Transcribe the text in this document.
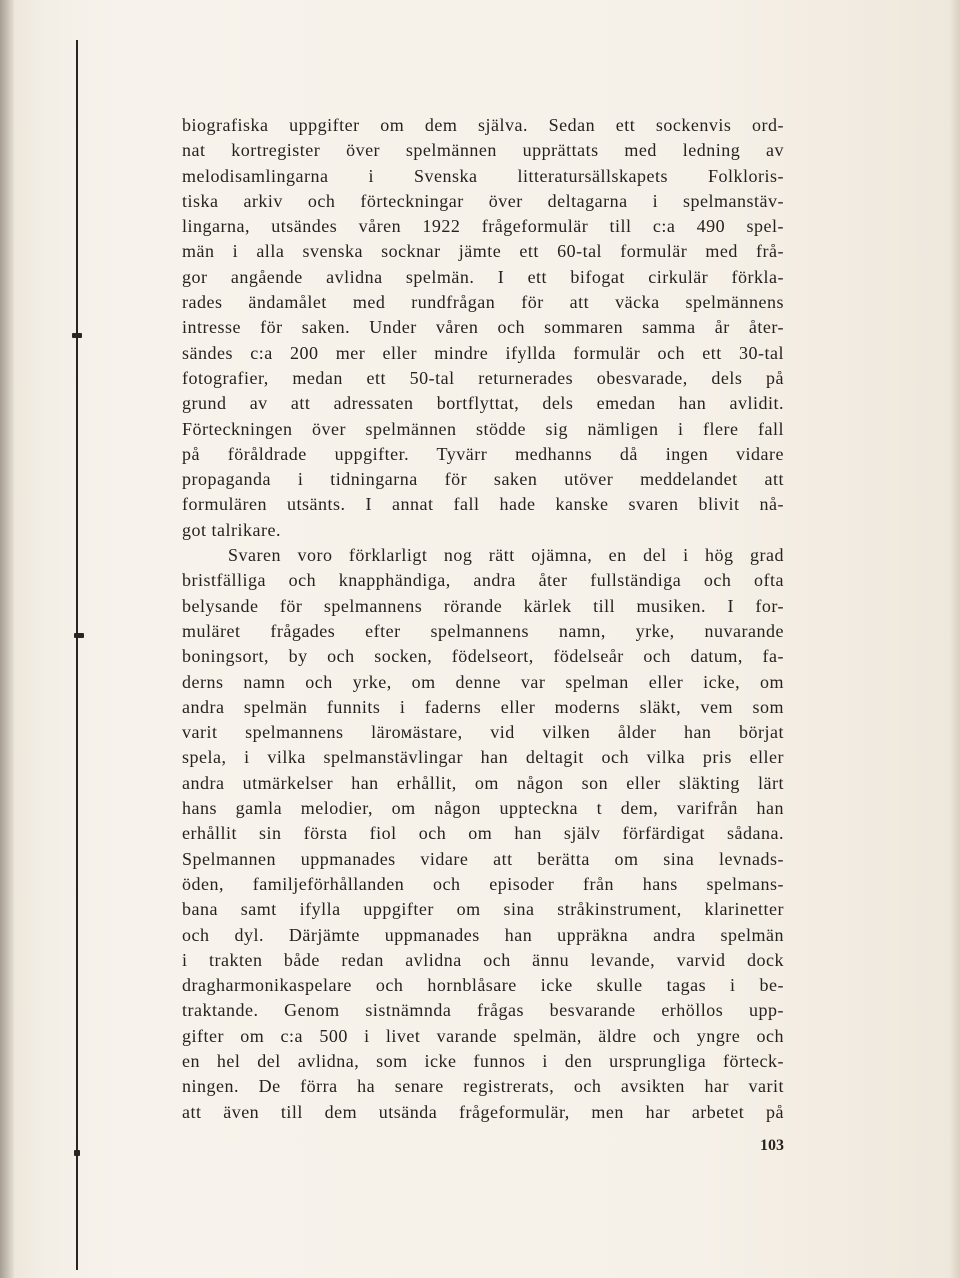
biografiska uppgifter om dem själva. Sedan ett sockenvis ord-
nat kortregister över spelmännen upprättats med ledning av
melodisamlingarna i Svenska litteratursällskapets Folkloris-
tiska arkiv och förteckningar över deltagarna i spelmanstäv-
lingarna, utsändes våren 1922 frågeformulär till c:a 490 spel-
män i alla svenska socknar jämte ett 60-tal formulär med frå-
gor angående avlidna spelmän. I ett bifogat cirkulär förkla-
rades ändamålet med rundfrågan för att väcka spelmännens
intresse för saken. Under våren och sommaren samma år åter-
sändes c:a 200 mer eller mindre ifyllda formulär och ett 30-tal
fotografier, medan ett 50-tal returnerades obesvarade, dels på
grund av att adressaten bortflyttat, dels emedan han avlidit.
Förteckningen över spelmännen stödde sig nämligen i flere fall
på föråldrade uppgifter. Tyvärr medhanns då ingen vidare
propaganda i tidningarna för saken utöver meddelandet att
formulären utsänts. I annat fall hade kanske svaren blivit nå-
got talrikare.
Svaren voro förklarligt nog rätt ojämna, en del i hög grad
bristfälliga och knapphändiga, andra åter fullständiga och ofta
belysande för spelmannens rörande kärlek till musiken. I for-
muläret frågades efter spelmannens namn, yrke, nuvarande
boningsort, by och socken, födelseort, födelseår och datum, fa-
derns namn och yrke, om denne var spelman eller icke, om
andra spelmän funnits i faderns eller moderns släkt, vem som
varit spelmannens lärомästare, vid vilken ålder han börjat
spela, i vilka spelmanstävlingar han deltagit och vilka pris eller
andra utmärkelser han erhållit, om någon son eller släkting lärt
hans gamla melodier, om någon uppteckna t dem, varifrån han
erhållit sin första fiol och om han själv förfärdigat sådana.
Spelmannen uppmanades vidare att berätta om sina levnads-
öden, familjeförhållanden och episoder från hans spelmans-
bana samt ifylla uppgifter om sina stråkinstrument, klarinetter
och dyl. Därjämte uppmanades han uppräkna andra spelmän
i trakten både redan avlidna och ännu levande, varvid dock
dragharmonikaspelare och hornblåsare icke skulle tagas i be-
traktande. Genom sistnämnda frågas besvarande erhöllos upp-
gifter om c:a 500 i livet varande spelmän, äldre och yngre och
en hel del avlidna, som icke funnos i den ursprungliga förteck-
ningen. De förra ha senare registrerats, och avsikten har varit
att även till dem utsända frågeformulär, men har arbetet på
103
